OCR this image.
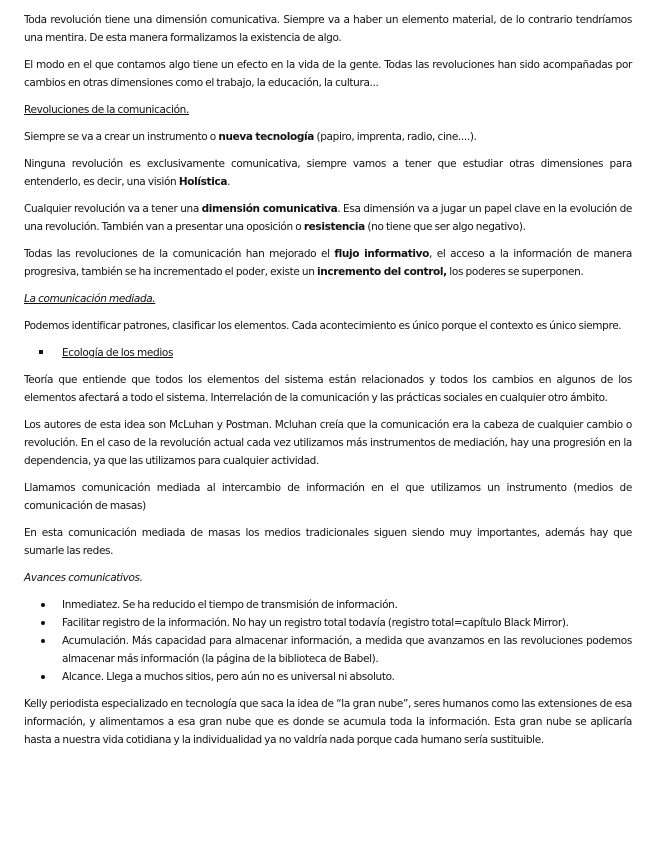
Toda revolución tiene una dimensión comunicativa. Siempre va a haber un elemento material, de lo contrario tendríamos una mentira. De esta manera formalizamos la existencia de algo.

El modo en el que contamos algo tiene un efecto en la vida de la gente. Todas las revoluciones han sido acompañadas por cambios en otras dimensiones como el trabajo, la educación, la cultura...

Revoluciones de la comunicación.

Siempre se va a crear un instrumento o nueva tecnología (papiro, imprenta, radio, cine....).

Ninguna revolución es exclusivamente comunicativa, siempre vamos a tener que estudiar otras dimensiones para entenderlo, es decir, una visión Holística.

Cualquier revolución va a tener una dimensión comunicativa. Esa dimensión va a jugar un papel clave en la evolución de una revolución. También van a presentar una oposición o resistencia (no tiene que ser algo negativo).

Todas las revoluciones de la comunicación han mejorado el flujo informativo, el acceso a la información de manera progresiva, también se ha incrementado el poder, existe un incremento del control, los poderes se superponen.

La comunicación mediada.

Podemos identificar patrones, clasificar los elementos. Cada acontecimiento es único porque el contexto es único siempre.

Ecología de los medios

Teoría que entiende que todos los elementos del sistema están relacionados y todos los cambios en algunos de los elementos afectará a todo el sistema. Interrelación de la comunicación y las prácticas sociales en cualquier otro ámbito.

Los autores de esta idea son McLuhan y Postman. Mcluhan creía que la comunicación era la cabeza de cualquier cambio o revolución. En el caso de la revolución actual cada vez utilizamos más instrumentos de mediación, hay una progresión en la dependencia, ya que las utilizamos para cualquier actividad.

Llamamos comunicación mediada al intercambio de información en el que utilizamos un instrumento (medios de comunicación de masas)

En esta comunicación mediada de masas los medios tradicionales siguen siendo muy importantes, además hay que sumarle las redes.

Avances comunicativos.

Inmediatez. Se ha reducido el tiempo de transmisión de información.
Facilitar registro de la información. No hay un registro total todavía (registro total=capítulo Black Mirror).
Acumulación. Más capacidad para almacenar información, a medida que avanzamos en las revoluciones podemos almacenar más información (la página de la biblioteca de Babel).
Alcance. Llega a muchos sitios, pero aún no es universal ni absoluto.

Kelly periodista especializado en tecnología que saca la idea de “la gran nube”, seres humanos como las extensiones de esa información, y alimentamos a esa gran nube que es donde se acumula toda la información. Esta gran nube se aplicaría hasta a nuestra vida cotidiana y la individualidad ya no valdría nada porque cada humano sería sustituible.
